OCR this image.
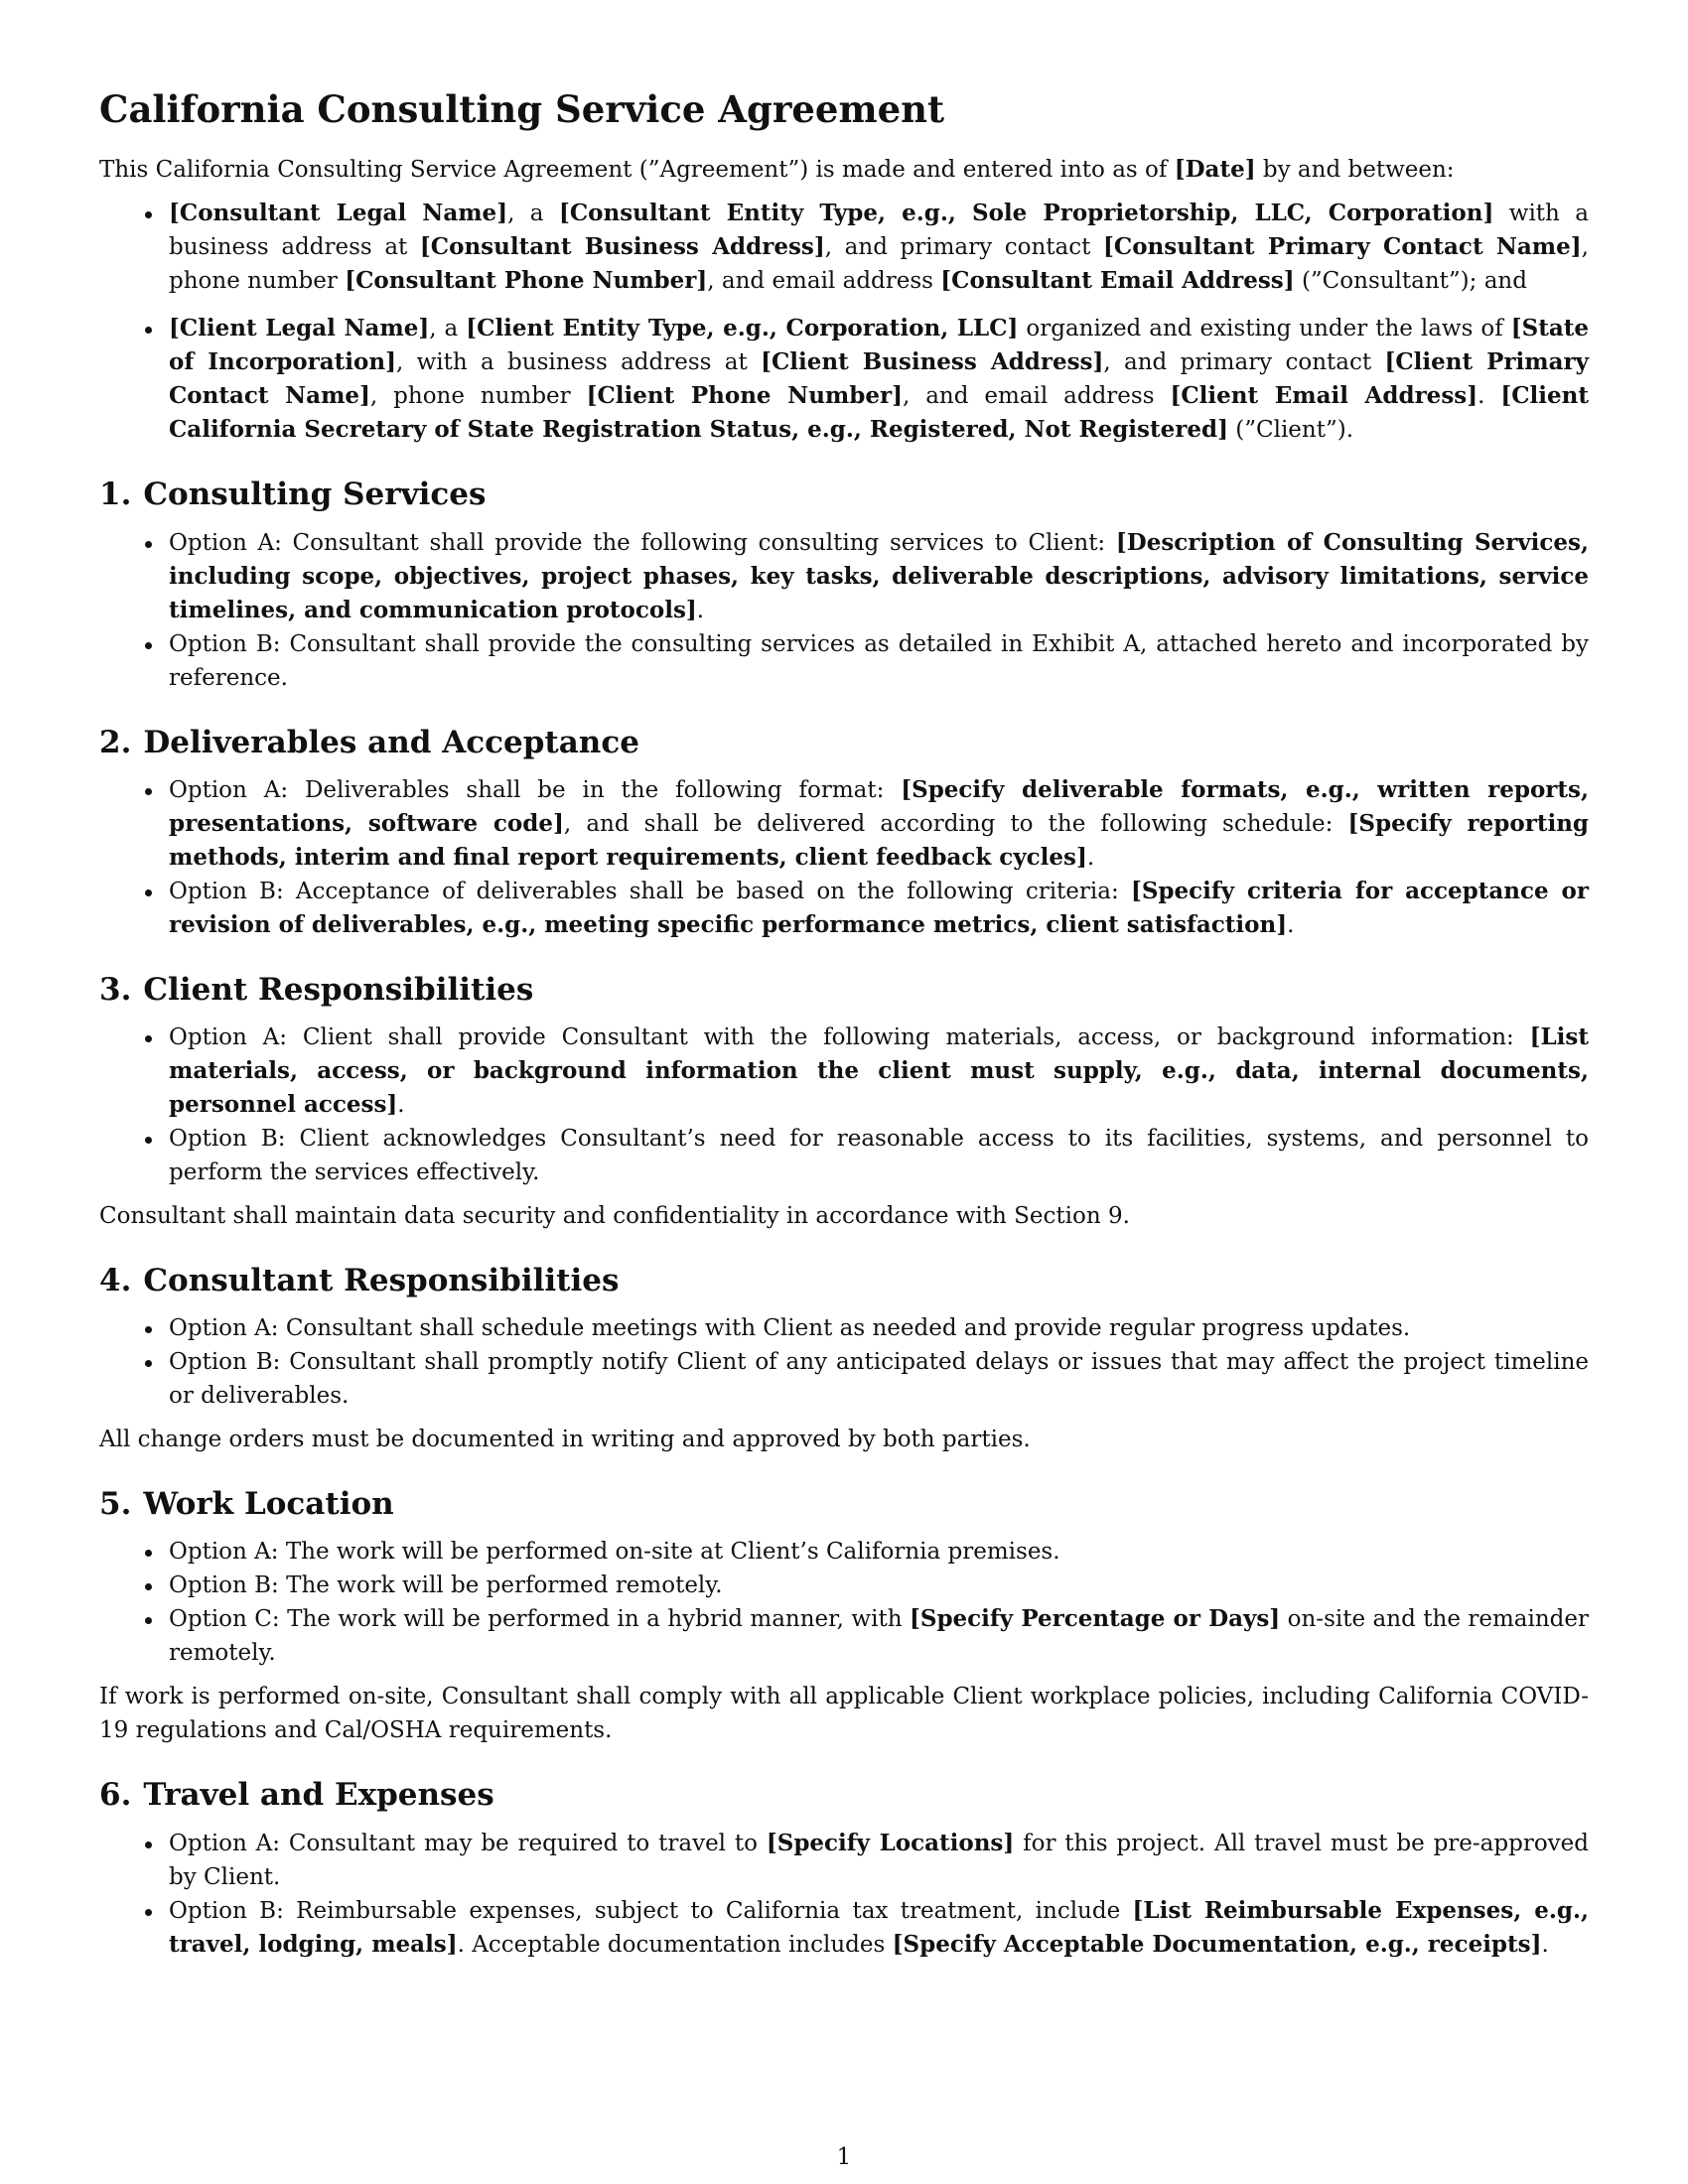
California Consulting Service Agreement

This California Consulting Service Agreement (”Agreement”) is made and entered into as of [Date] by and between:

[Consultant Legal Name], a [Consultant Entity Type, e.g., Sole Proprietorship, LLC, Corporation] with a business address at [Consultant Business Address], and primary contact [Consultant Primary Contact Name], phone number [Consultant Phone Number], and email address [Consultant Email Address] (”Consultant”); and
[Client Legal Name], a [Client Entity Type, e.g., Corporation, LLC] organized and existing under the laws of [State of Incorporation], with a business address at [Client Business Address], and primary contact [Client Primary Contact Name], phone number [Client Phone Number], and email address [Client Email Address]. [Client California Secretary of State Registration Status, e.g., Registered, Not Registered] (”Client”).
1. Consulting Services
Option A: Consultant shall provide the following consulting services to Client: [Description of Consulting Services, including scope, objectives, project phases, key tasks, deliverable descriptions, advisory limitations, service timelines, and communication protocols].
Option B: Consultant shall provide the consulting services as detailed in Exhibit A, attached hereto and incorporated by reference.
2. Deliverables and Acceptance
Option A: Deliverables shall be in the following format: [Specify deliverable formats, e.g., written reports, presentations, software code], and shall be delivered according to the following schedule: [Specify reporting methods, interim and final report requirements, client feedback cycles].
Option B: Acceptance of deliverables shall be based on the following criteria: [Specify criteria for acceptance or revision of deliverables, e.g., meeting specific performance metrics, client satisfaction].
3. Client Responsibilities
Option A: Client shall provide Consultant with the following materials, access, or background information: [List materials, access, or background information the client must supply, e.g., data, internal documents, personnel access].
Option B: Client acknowledges Consultant’s need for reasonable access to its facilities, systems, and personnel to perform the services effectively.

Consultant shall maintain data security and confidentiality in accordance with Section 9.

4. Consultant Responsibilities
Option A: Consultant shall schedule meetings with Client as needed and provide regular progress updates.
Option B: Consultant shall promptly notify Client of any anticipated delays or issues that may affect the project timeline or deliverables.

All change orders must be documented in writing and approved by both parties.

5. Work Location
Option A: The work will be performed on-site at Client’s California premises.
Option B: The work will be performed remotely.
Option C: The work will be performed in a hybrid manner, with [Specify Percentage or Days] on-site and the remainder remotely.

If work is performed on-site, Consultant shall comply with all applicable Client workplace policies, including California COVID-19 regulations and Cal/OSHA requirements.

6. Travel and Expenses
Option A: Consultant may be required to travel to [Specify Locations] for this project. All travel must be pre-approved by Client.
Option B: Reimbursable expenses, subject to California tax treatment, include [List Reimbursable Expenses, e.g., travel, lodging, meals]. Acceptable documentation includes [Specify Acceptable Documentation, e.g., receipts].
1
